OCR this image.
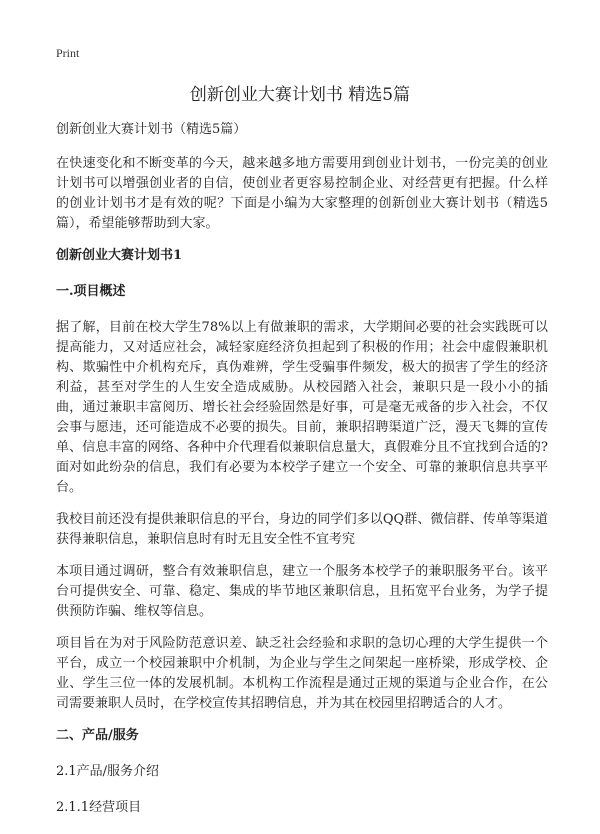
Print
创新创业大赛计划书 精选5篇

创新创业大赛计划书（精选5篇）

在快速变化和不断变革的今天，越来越多地方需要用到创业计划书，一份完美的创业计划书可以增强创业者的自信，使创业者更容易控制企业、对经营更有把握。什么样的创业计划书才是有效的呢？下面是小编为大家整理的创新创业大赛计划书（精选5篇），希望能够帮助到大家。

创新创业大赛计划书1

一.项目概述

据了解，目前在校大学生78%以上有做兼职的需求，大学期间必要的社会实践既可以提高能力，又对适应社会，减轻家庭经济负担起到了积极的作用；社会中虚假兼职机构、欺骗性中介机构充斥，真伪难辨，学生受骗事件频发，极大的损害了学生的经济利益，甚至对学生的人生安全造成威胁。从校园踏入社会，兼职只是一段小小的插曲，通过兼职丰富阅历、增长社会经验固然是好事，可是毫无戒备的步入社会，不仅会事与愿违，还可能造成不必要的损失。目前，兼职招聘渠道广泛，漫天飞舞的宣传单、信息丰富的网络、各种中介代理看似兼职信息量大，真假难分且不宜找到合适的?面对如此纷杂的信息，我们有必要为本校学子建立一个安全、可靠的兼职信息共享平台。

我校目前还没有提供兼职信息的平台，身边的同学们多以QQ群、微信群、传单等渠道获得兼职信息，兼职信息时有时无且安全性不宜考究

本项目通过调研，整合有效兼职信息，建立一个服务本校学子的兼职服务平台。该平台可提供安全、可靠、稳定、集成的毕节地区兼职信息，且拓宽平台业务，为学子提供预防诈骗、维权等信息。

项目旨在为对于风险防范意识差、缺乏社会经验和求职的急切心理的大学生提供一个平台，成立一个校园兼职中介机制，为企业与学生之间架起一座桥梁，形成学校、企业、学生三位一体的发展机制。本机构工作流程是通过正规的渠道与企业合作，在公司需要兼职人员时，在学校宣传其招聘信息，并为其在校园里招聘适合的人才。

二、产品/服务

2.1产品/服务介绍

2.1.1经营项目
